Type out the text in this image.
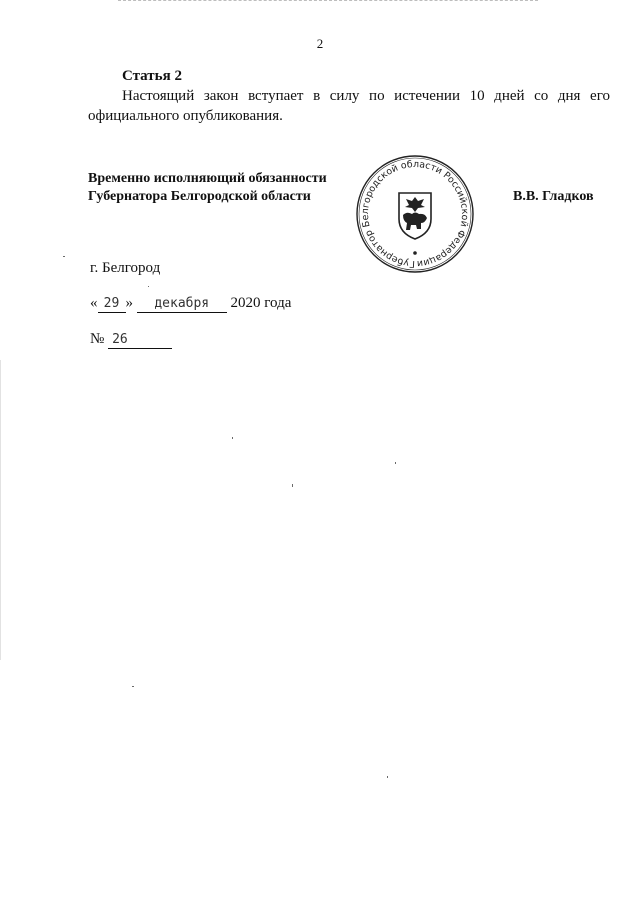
2
Статья 2
Настоящий закон вступает в силу по истечении 10 дней со дня его официального опубликования.
Временно исполняющий обязанности
Губернатора Белгородской области
Губернатор Белгородской области Российской Федерации
В.В. Гладков
г. Белгород
« 29 » декабря 2020 года
№ 26
